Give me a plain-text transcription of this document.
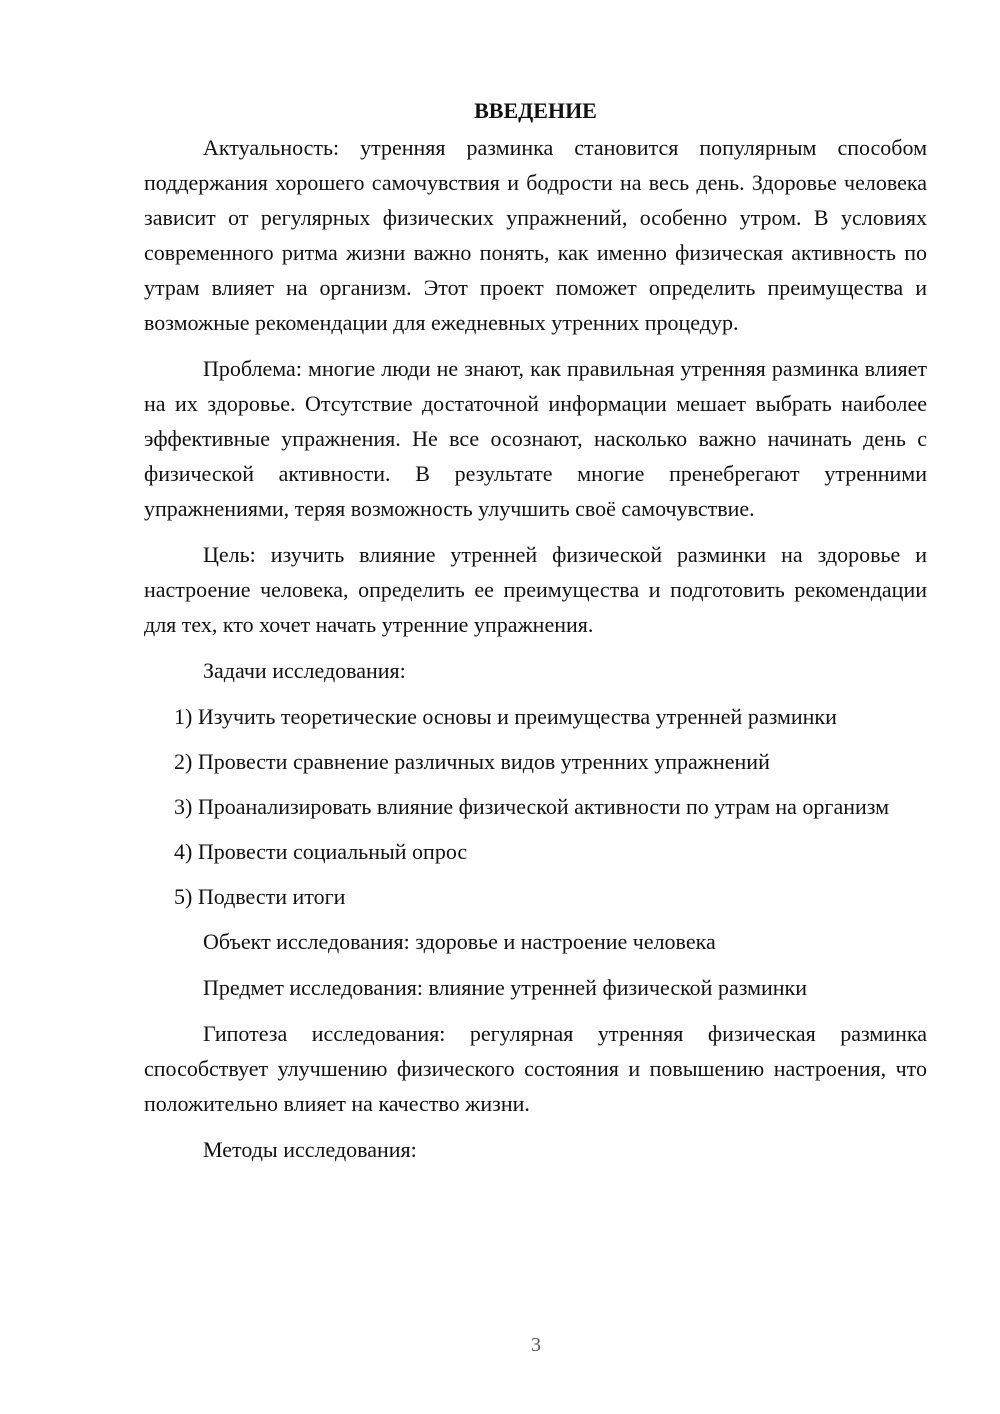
ВВЕДЕНИЕ

Актуальность: утренняя разминка становится популярным способом поддержания хорошего самочувствия и бодрости на весь день. Здоровье человека зависит от регулярных физических упражнений, особенно утром. В условиях современного ритма жизни важно понять, как именно физическая активность по утрам влияет на организм. Этот проект поможет определить преимущества и возможные рекомендации для ежедневных утренних процедур.

Проблема: многие люди не знают, как правильная утренняя разминка влияет на их здоровье. Отсутствие достаточной информации мешает выбрать наиболее эффективные упражнения. Не все осознают, насколько важно начинать день с физической активности. В результате многие пренебрегают утренними упражнениями, теряя возможность улучшить своё самочувствие.

Цель: изучить влияние утренней физической разминки на здоровье и настроение человека, определить ее преимущества и подготовить рекомендации для тех, кто хочет начать утренние упражнения.

Задачи исследования:

1) Изучить теоретические основы и преимущества утренней разминки

2) Провести сравнение различных видов утренних упражнений

3) Проанализировать влияние физической активности по утрам на организм

4) Провести социальный опрос

5) Подвести итоги

Объект исследования: здоровье и настроение человека

Предмет исследования: влияние утренней физической разминки

Гипотеза исследования: регулярная утренняя физическая разминка способствует улучшению физического состояния и повышению настроения, что положительно влияет на качество жизни.

Методы исследования:

3
